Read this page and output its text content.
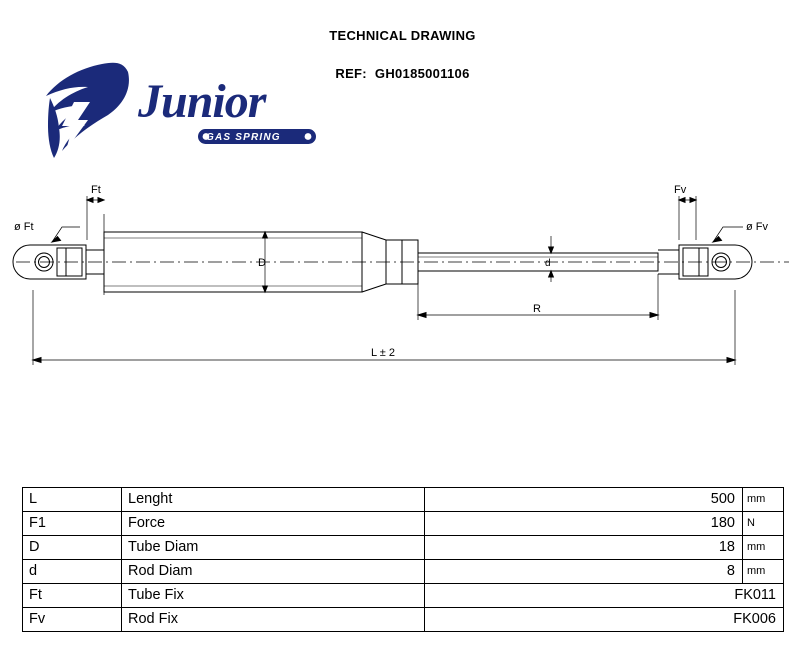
TECHNICAL DRAWING
REF: GH0185001106
Junior
GAS SPRING
Ft	Fv
ø Ft	ø Fv
D	d
R
L ± 2
L	Lenght	500	mm
F1	Force	180	N
D	Tube Diam	18	mm
d	Rod Diam	8	mm
Ft	Tube Fix	FK011	
Fv	Rod Fix	FK006	
